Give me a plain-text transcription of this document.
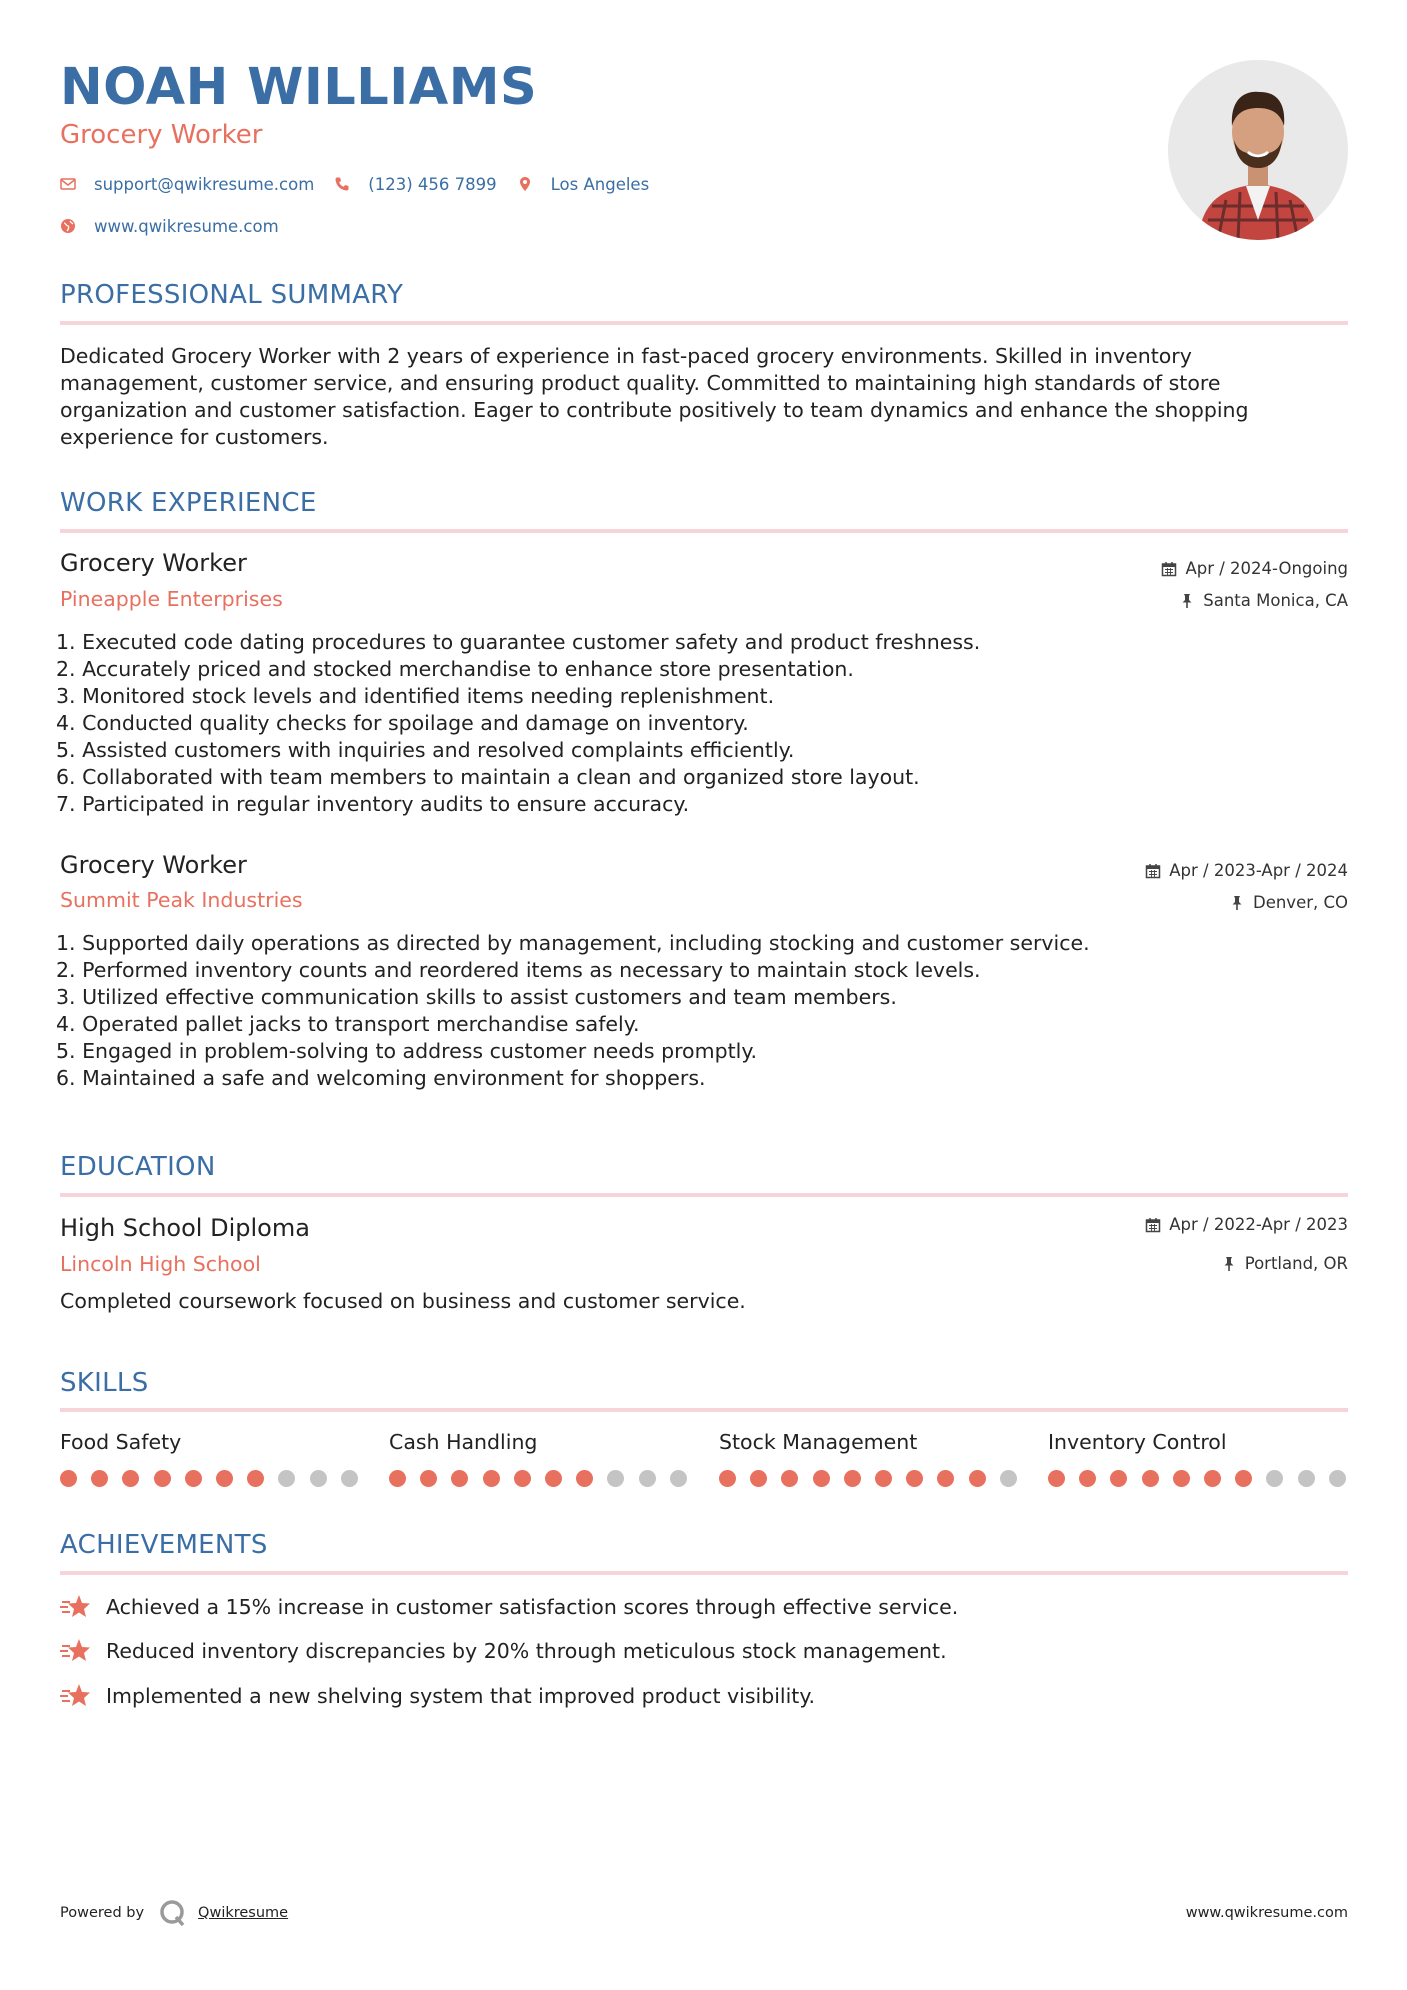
NOAH WILLIAMS
Grocery Worker
support@qwikresume.com	(123) 456 7899	Los Angeles
www.qwikresume.com
PROFESSIONAL SUMMARY
Dedicated Grocery Worker with 2 years of experience in fast-paced grocery environments. Skilled in inventory
management, customer service, and ensuring product quality. Committed to maintaining high standards of store
organization and customer satisfaction. Eager to contribute positively to team dynamics and enhance the shopping
experience for customers.
WORK EXPERIENCE
Grocery Worker
Pineapple Enterprises
Apr / 2024-Ongoing
Santa Monica, CA
1. Executed code dating procedures to guarantee customer safety and product freshness.
2. Accurately priced and stocked merchandise to enhance store presentation.
3. Monitored stock levels and identified items needing replenishment.
4. Conducted quality checks for spoilage and damage on inventory.
5. Assisted customers with inquiries and resolved complaints efficiently.
6. Collaborated with team members to maintain a clean and organized store layout.
7. Participated in regular inventory audits to ensure accuracy.
Grocery Worker
Summit Peak Industries
Apr / 2023-Apr / 2024
Denver, CO
1. Supported daily operations as directed by management, including stocking and customer service.
2. Performed inventory counts and reordered items as necessary to maintain stock levels.
3. Utilized effective communication skills to assist customers and team members.
4. Operated pallet jacks to transport merchandise safely.
5. Engaged in problem-solving to address customer needs promptly.
6. Maintained a safe and welcoming environment for shoppers.
EDUCATION
High School Diploma
Lincoln High School
Apr / 2022-Apr / 2023
Portland, OR
Completed coursework focused on business and customer service.
SKILLS
Food Safety	Cash Handling	Stock Management	Inventory Control
ACHIEVEMENTS
Achieved a 15% increase in customer satisfaction scores through effective service.
Reduced inventory discrepancies by 20% through meticulous stock management.
Implemented a new shelving system that improved product visibility.
Powered by	Qwikresume	www.qwikresume.com
